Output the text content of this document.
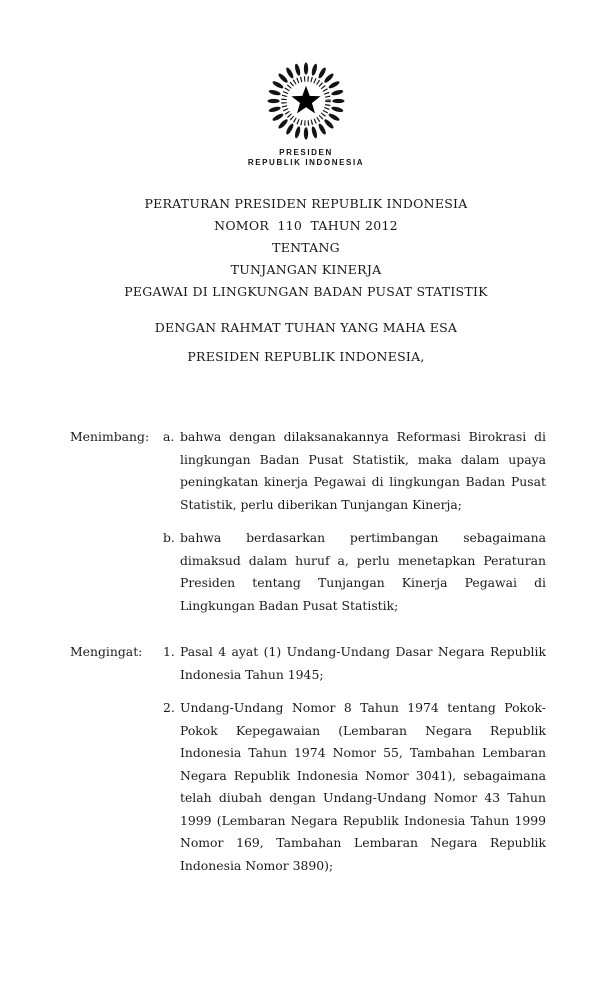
PRESIDEN
REPUBLIK INDONESIA
PERATURAN PRESIDEN REPUBLIK INDONESIA
NOMOR  110  TAHUN 2012
TENTANG
TUNJANGAN KINERJA
PEGAWAI DI LINGKUNGAN BADAN PUSAT STATISTIK
DENGAN RAHMAT TUHAN YANG MAHA ESA
PRESIDEN REPUBLIK INDONESIA,
Menimbang:	a. bahwa dengan dilaksanakannya Reformasi Birokrasi di lingkungan Badan Pusat Statistik, maka dalam upaya peningkatan kinerja Pegawai di lingkungan Badan Pusat Statistik, perlu diberikan Tunjangan Kinerja;
b. bahwa berdasarkan pertimbangan sebagaimana dimaksud dalam huruf a, perlu menetapkan Peraturan Presiden tentang Tunjangan Kinerja Pegawai di Lingkungan Badan Pusat Statistik;
Mengingat:	1. Pasal 4 ayat (1) Undang-Undang Dasar Negara Republik Indonesia Tahun 1945;
2. Undang-Undang Nomor 8 Tahun 1974 tentang Pokok-Pokok Kepegawaian (Lembaran Negara Republik Indonesia Tahun 1974 Nomor 55, Tambahan Lembaran Negara Republik Indonesia Nomor 3041), sebagaimana telah diubah dengan Undang-Undang Nomor 43 Tahun 1999 (Lembaran Negara Republik Indonesia Tahun 1999 Nomor 169, Tambahan Lembaran Negara Republik Indonesia Nomor 3890);
